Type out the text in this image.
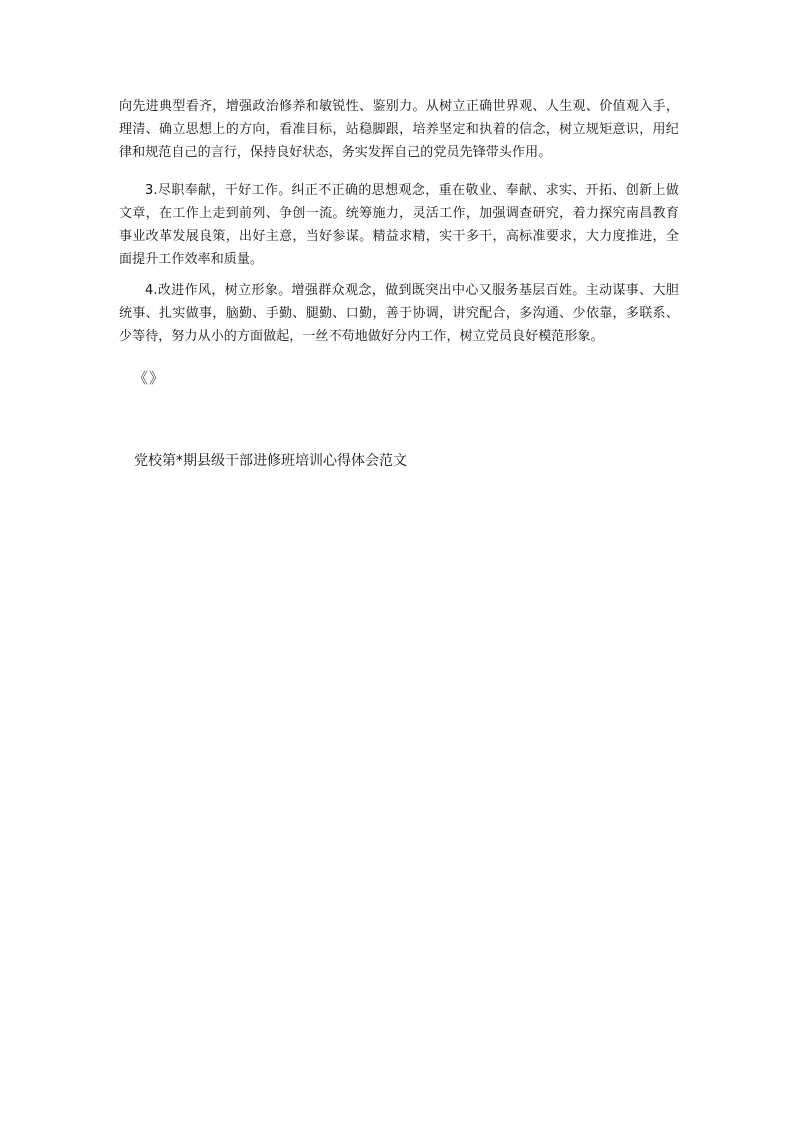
向先进典型看齐，增强政治修养和敏锐性、鉴别力。从树立正确世界观、人生观、价值观入手，理清、确立思想上的方向，看准目标，站稳脚跟，培养坚定和执着的信念，树立规矩意识，用纪律和规范自己的言行，保持良好状态，务实发挥自己的党员先锋带头作用。

3.尽职奉献，干好工作。纠正不正确的思想观念，重在敬业、奉献、求实、开拓、创新上做文章，在工作上走到前列、争创一流。统筹施力，灵活工作，加强调查研究，着力探究南昌教育事业改革发展良策，出好主意，当好参谋。精益求精，实干多干，高标准要求，大力度推进，全面提升工作效率和质量。

4.改进作风，树立形象。增强群众观念，做到既突出中心又服务基层百姓。主动谋事、大胆统事、扎实做事，脑勤、手勤、腿勤、口勤，善于协调，讲究配合，多沟通、少依靠，多联系、少等待，努力从小的方面做起，一丝不苟地做好分内工作，树立党员良好模范形象。

《》

党校第*期县级干部进修班培训心得体会范文
